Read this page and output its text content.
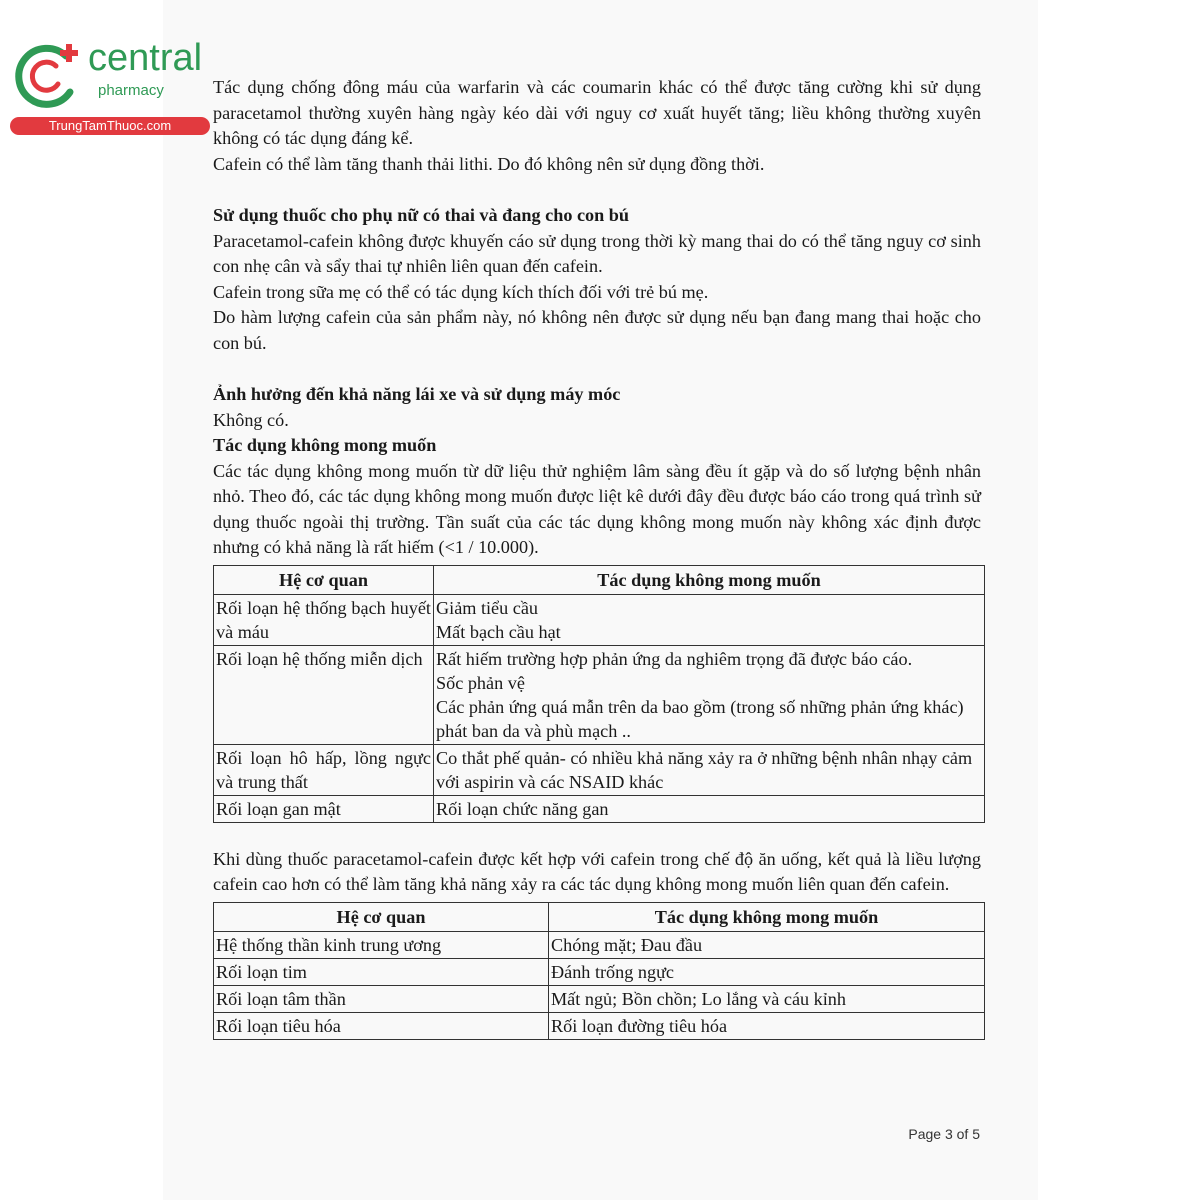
central
pharmacy
TrungTamThuoc.com

Tác dụng chống đông máu của warfarin và các coumarin khác có thể được tăng cường khi sử dụng paracetamol thường xuyên hàng ngày kéo dài với nguy cơ xuất huyết tăng; liều không thường xuyên không có tác dụng đáng kể.

Cafein có thể làm tăng thanh thải lithi. Do đó không nên sử dụng đồng thời.

Sử dụng thuốc cho phụ nữ có thai và đang cho con bú

Paracetamol-cafein không được khuyến cáo sử dụng trong thời kỳ mang thai do có thể tăng nguy cơ sinh con nhẹ cân và sẩy thai tự nhiên liên quan đến cafein.

Cafein trong sữa mẹ có thể có tác dụng kích thích đối với trẻ bú mẹ.

Do hàm lượng cafein của sản phẩm này, nó không nên được sử dụng nếu bạn đang mang thai hoặc cho con bú.

Ảnh hưởng đến khả năng lái xe và sử dụng máy móc

Không có.

Tác dụng không mong muốn

Các tác dụng không mong muốn từ dữ liệu thử nghiệm lâm sàng đều ít gặp và do số lượng bệnh nhân nhỏ. Theo đó, các tác dụng không mong muốn được liệt kê dưới đây đều được báo cáo trong quá trình sử dụng thuốc ngoài thị trường. Tần suất của các tác dụng không mong muốn này không xác định được nhưng có khả năng là rất hiếm (<1 / 10.000).

Hệ cơ quan	Tác dụng không mong muốn
Rối loạn hệ thống bạch huyết và máu	Giảm tiểu cầu
Mất bạch cầu hạt

Rối loạn hệ thống miễn dịch	Rất hiếm trường hợp phản ứng da nghiêm trọng đã được báo cáo.
Sốc phản vệ
Các phản ứng quá mẫn trên da bao gồm (trong số những phản ứng khác) phát ban da và phù mạch ..

Rối loạn hô hấp, lồng ngực và trung thất	Co thắt phế quản- có nhiều khả năng xảy ra ở những bệnh nhân nhạy cảm với aspirin và các NSAID khác

Rối loạn gan mật	Rối loạn chức năng gan

Khi dùng thuốc paracetamol-cafein được kết hợp với cafein trong chế độ ăn uống, kết quả là liều lượng cafein cao hơn có thể làm tăng khả năng xảy ra các tác dụng không mong muốn liên quan đến cafein.

Hệ cơ quan	Tác dụng không mong muốn
Hệ thống thần kinh trung ương	Chóng mặt; Đau đầu
Rối loạn tim	Đánh trống ngực
Rối loạn tâm thần	Mất ngủ; Bồn chồn; Lo lắng và cáu kỉnh
Rối loạn tiêu hóa	Rối loạn đường tiêu hóa
Page 3 of 5
